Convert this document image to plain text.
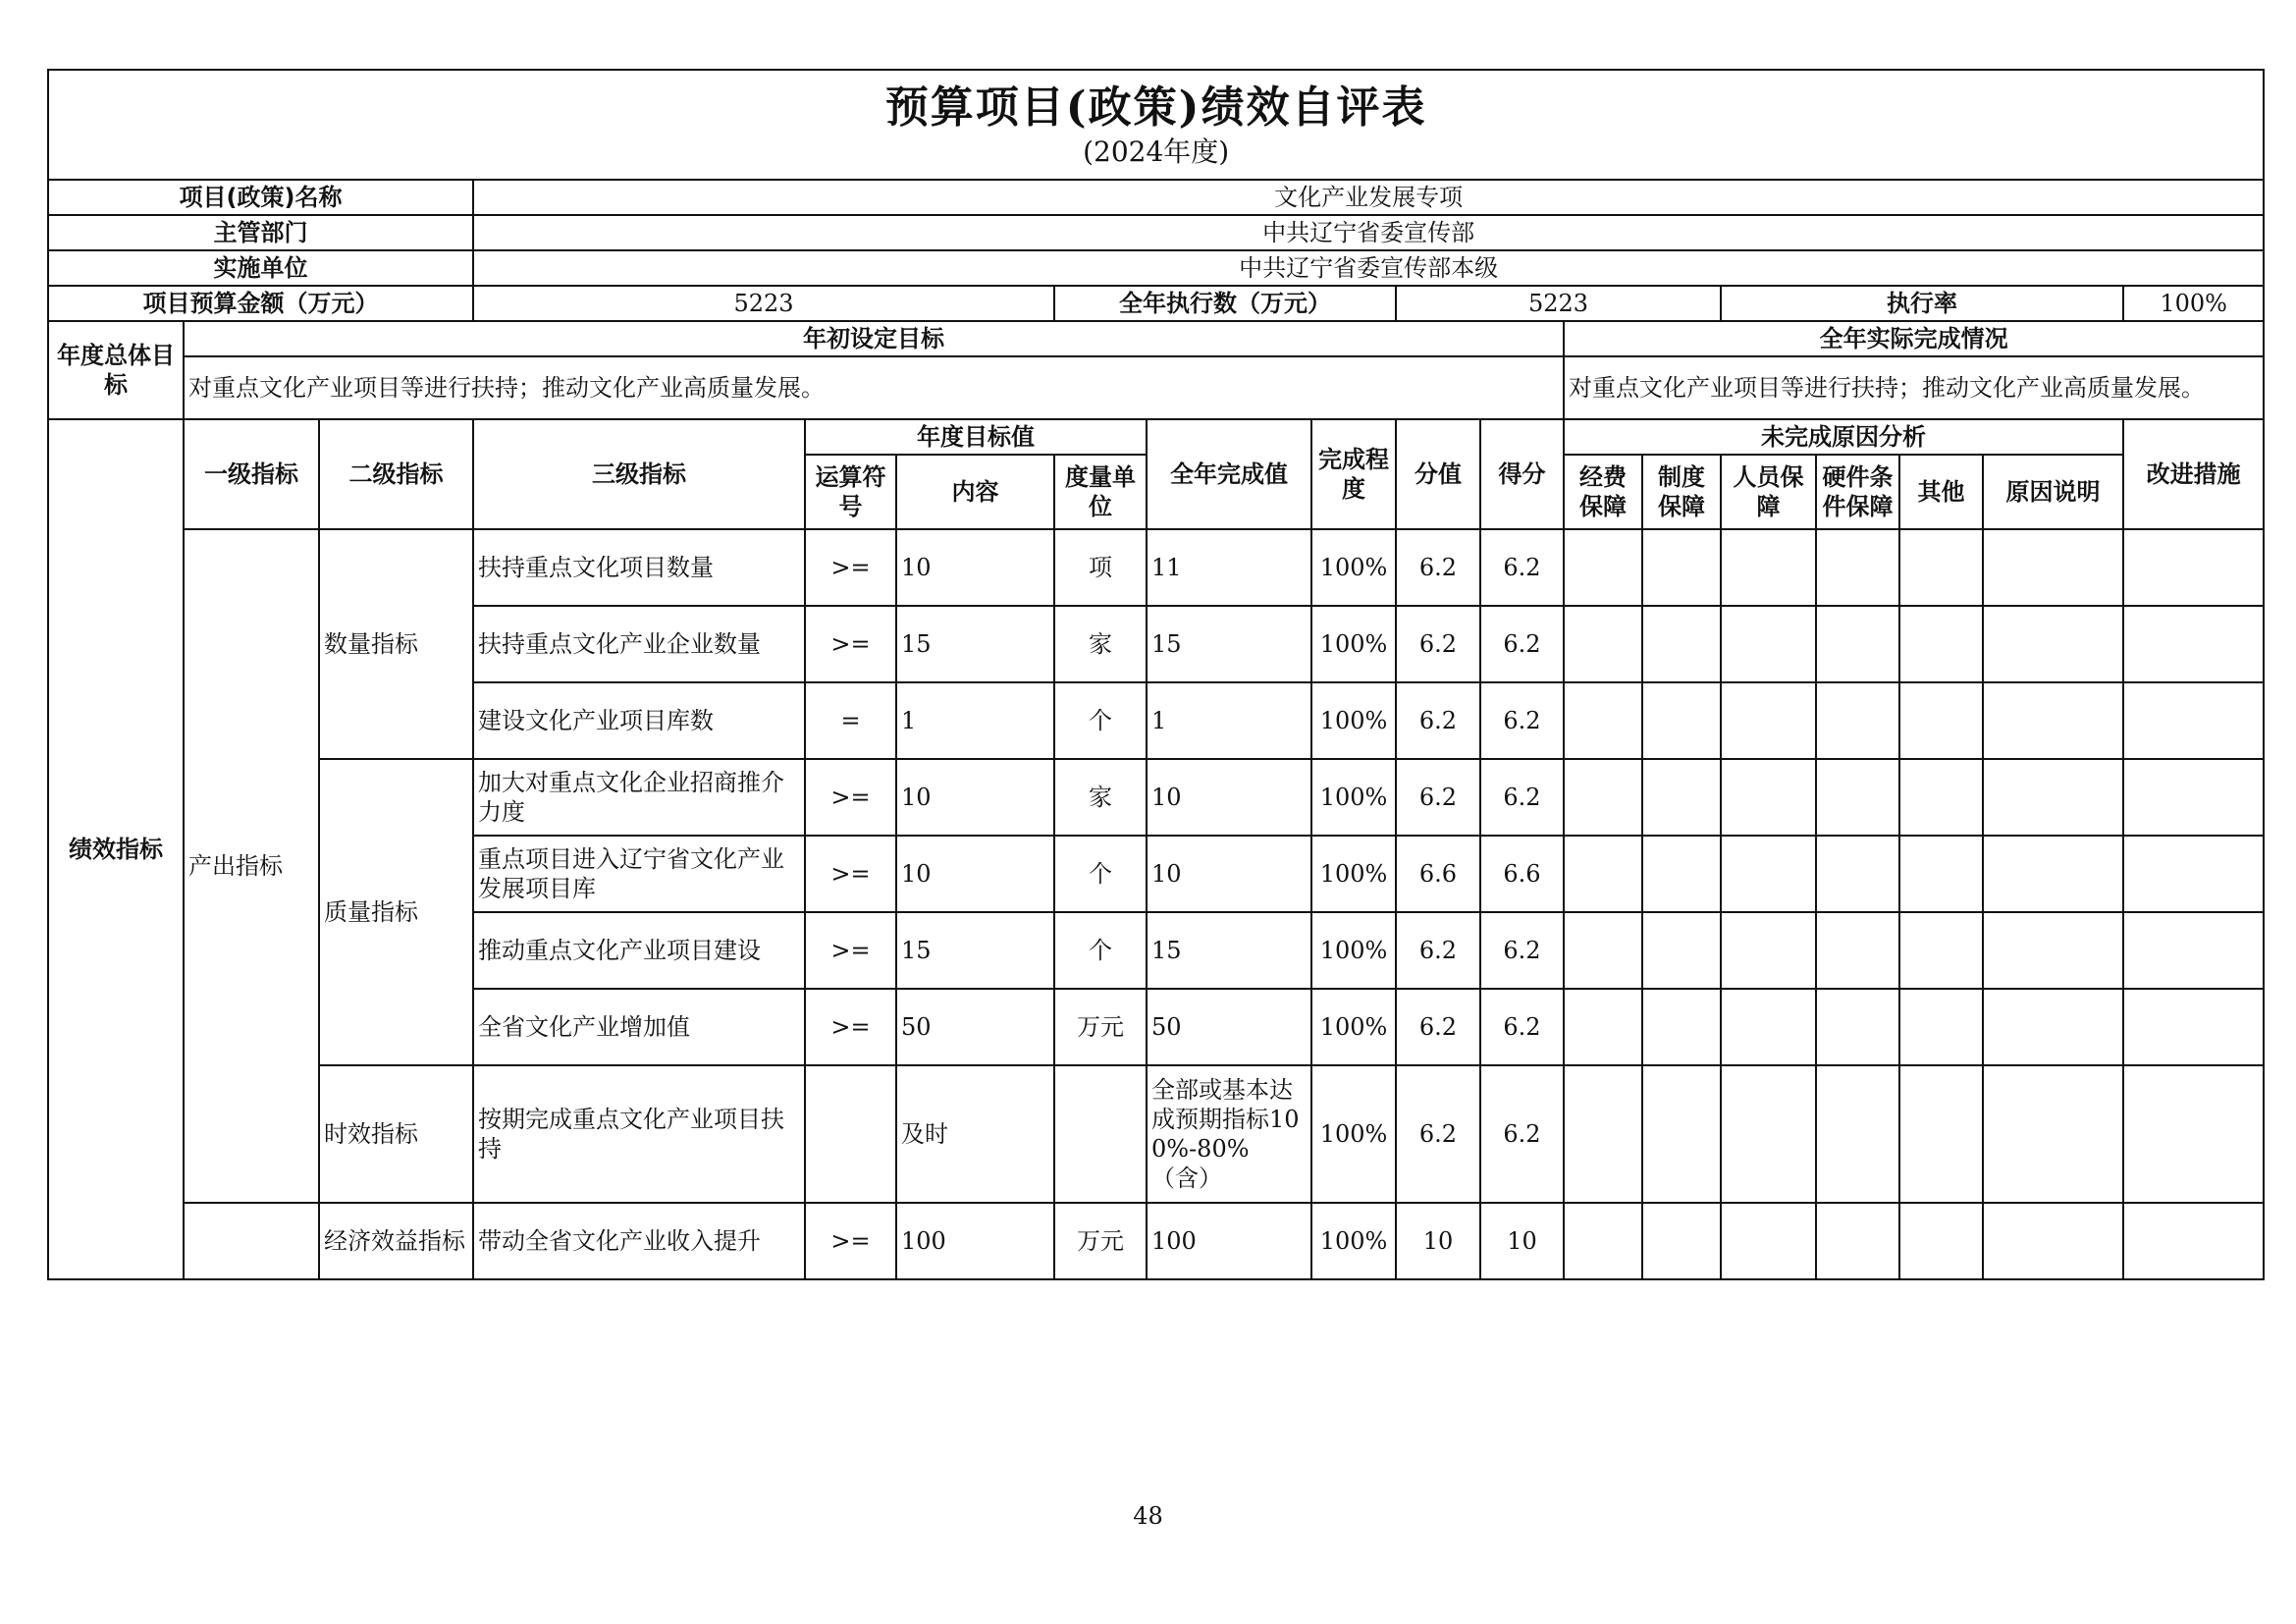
预算项目(政策)绩效自评表
(2024年度)																	

项目(政策)名称			文化产业发展专项														
主管部门			中共辽宁省委宣传部														
实施单位			中共辽宁省委宣传部本级														
项目预算金额（万元）			5223			全年执行数（万元）			5223				执行率				100%
年度总体目标	年初设定目标										全年实际完成情况						
	对重点文化产业项目等进行扶持；推动文化产业高质量发展。										对重点文化产业项目等进行扶持；推动文化产业高质量发展。						
绩效指标	一级指标	二级指标	三级指标	年度目标值			全年完成值	完成程度	分值	得分	未完成原因分析						改进措施
				运算符号	内容	度量单位					经费保障	制度保障	人员保障	硬件条件保障	其他	原因说明	
	产出指标	数量指标	扶持重点文化项目数量	>=	10	项	11	100%	6.2	6.2							
			扶持重点文化产业企业数量	>=	15	家	15	100%	6.2	6.2							
			建设文化产业项目库数	=	1	个	1	100%	6.2	6.2							
		质量指标	加大对重点文化企业招商推介力度	>=	10	家	10	100%	6.2	6.2							
			重点项目进入辽宁省文化产业发展项目库	>=	10	个	10	100%	6.6	6.6							
			推动重点文化产业项目建设	>=	15	个	15	100%	6.2	6.2							
			全省文化产业增加值	>=	50	万元	50	100%	6.2	6.2							
		时效指标	按期完成重点文化产业项目扶持		及时		全部或基本达成预期指标100%-80%（含）	100%	6.2	6.2							
		经济效益指标	带动全省文化产业收入提升	>=	100	万元	100	100%	10	10							
48
